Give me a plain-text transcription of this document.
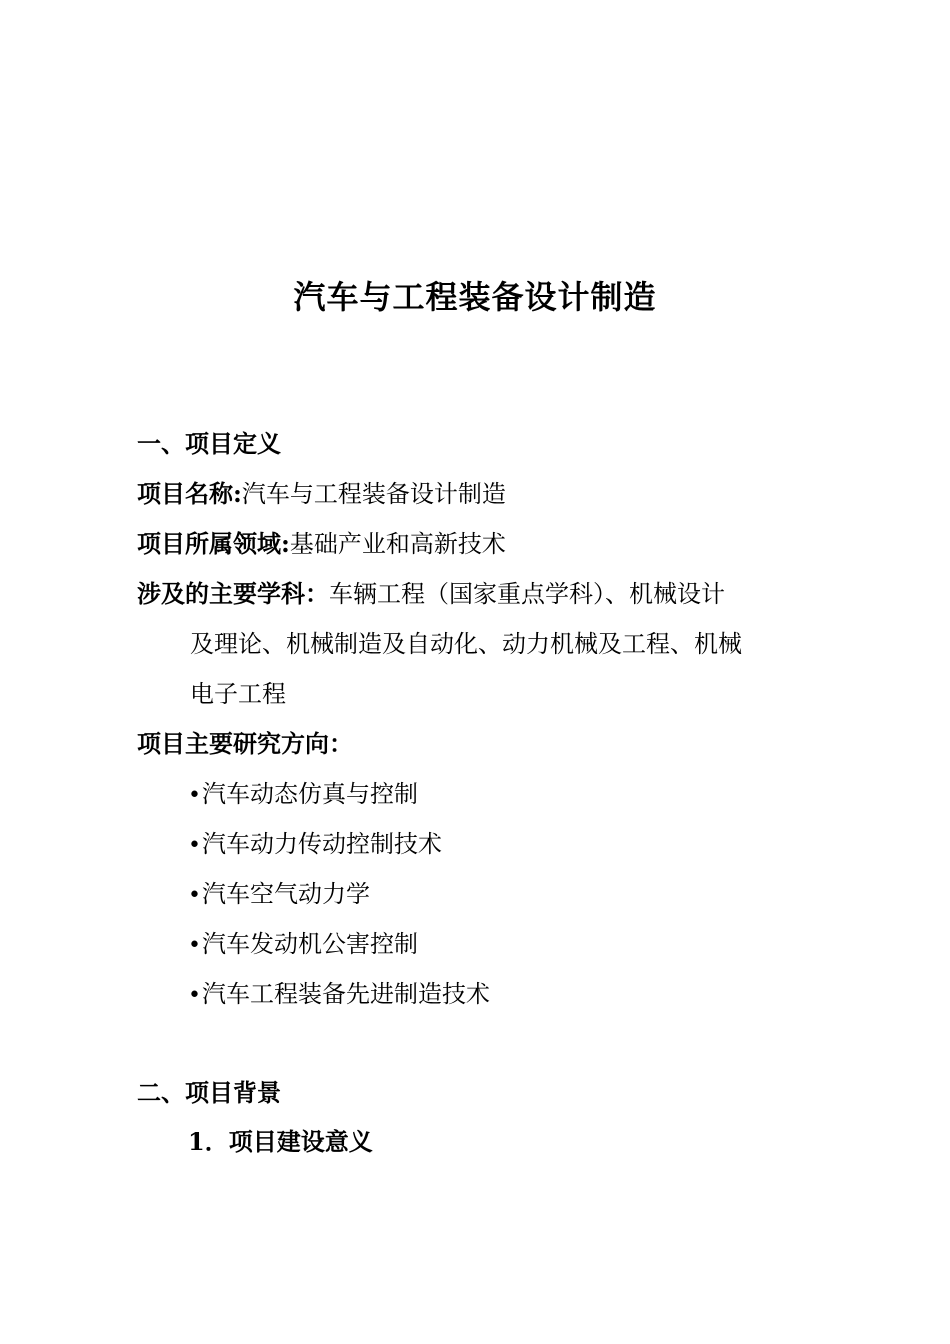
汽车与工程装备设计制造
一、项目定义
项目名称:汽车与工程装备设计制造
项目所属领域:基础产业和高新技术
涉及的主要学科：车辆工程（国家重点学科）、机械设计
及理论、机械制造及自动化、动力机械及工程、机械
电子工程
项目主要研究方向：
•汽车动态仿真与控制
•汽车动力传动控制技术
•汽车空气动力学
•汽车发动机公害控制
•汽车工程装备先进制造技术
二、项目背景
1．项目建设意义
